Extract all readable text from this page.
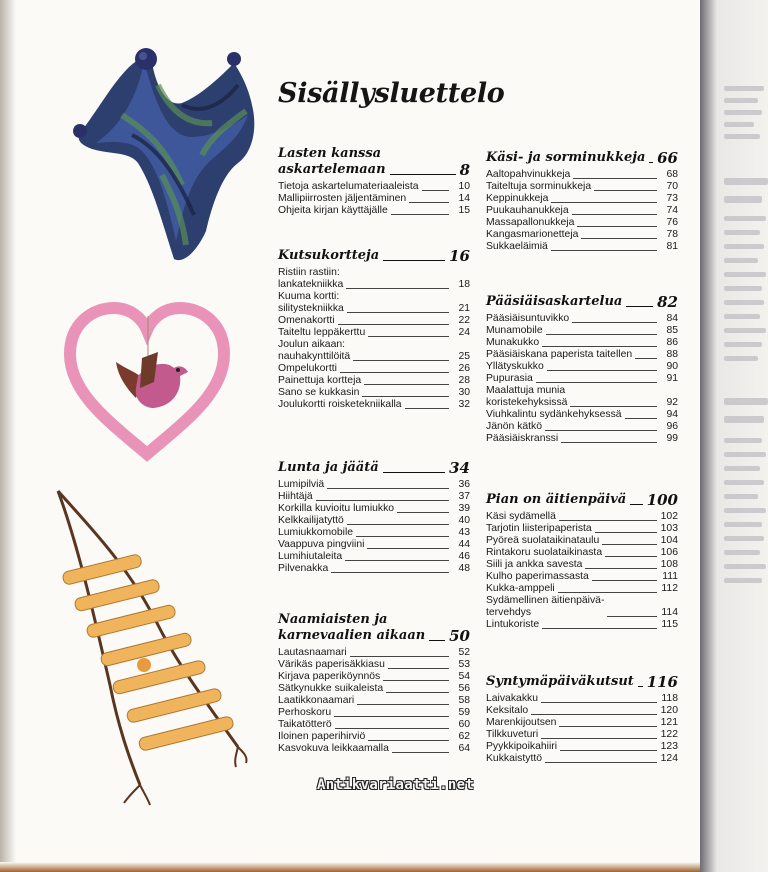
Sisällysluettelo
Lasten kanssa
askartelemaan	8
Tietoja askartelumateriaaleista	10
Mallipiirrosten jäljentäminen	14
Ohjeita kirjan käyttäjälle	15
Kutsukortteja	16
Ristiin rastiin:
lankatekniikka	18
Kuuma kortti:
silitystekniikka	21
Omenakortti	22
Taiteltu leppäkerttu	24
Joulun aikaan:
nauhakynttilöitä	25
Ompelukortti	26
Painettuja kortteja	28
Sano se kukkasin	30
Joulukortti roisketekniikalla	32
Lunta ja jäätä	34
Lumipilviä	36
Hiihtäjä	37
Korkilla kuvioitu lumiukko	39
Kelkkailijatyttö	40
Lumiukkomobile	43
Vaappuva pingviini	44
Lumihiutaleita	46
Pilvenakka	48
Naamiaisten ja
karnevaalien aikaan 50
Lautasnaamari	52
Värikäs paperisäkkiasu	53
Kirjava paperiköynnös	54
Sätkynukke suikaleista	56
Laatikkonaamari	58
Perhoskoru	59
Taikatötterö	60
Iloinen paperihirviö	62
Kasvokuva leikkaamalla	64
Käsi- ja sorminukkeja 66
Aaltopahvinukkeja	68
Taiteltuja sorminukkeja	70
Keppinukkeja	73
Puukauhanukkeja	74
Massapallonukkeja	76
Kangasmarionetteja	78
Sukkaeläimiä	81
Pääsiäisaskartelua 82
Pääsiäisuntuvikko	84
Munamobile	85
Munakukko	86
Pääsiäiskana paperista taitellen	88
Yllätyskukko	90
Pupurasia	91
Maalattuja munia
koristekehyksissä	92
Viuhkalintu sydänkehyksessä	94
Jänön kätkö	96
Pääsiäiskranssi	99
Pian on äitienpäivä 100
Käsi sydämellä	102
Tarjotin liisteripaperista	103
Pyöreä suolataikinataulu	104
Rintakoru suolataikinasta	106
Siili ja ankka savesta	108
Kulho paperimassasta	111
Kukka-amppeli	112
Sydämellinen äitienpäivä-
tervehdys	114
Lintukoriste	115
Syntymäpäiväkutsut 116
Laivakakku	118
Keksitalo	120
Marenkijoutsen	121
Tilkkuveturi	122
Pyykkipoikahiiri	123
Kukkaistyttö	124
Antikvariaatti.net
